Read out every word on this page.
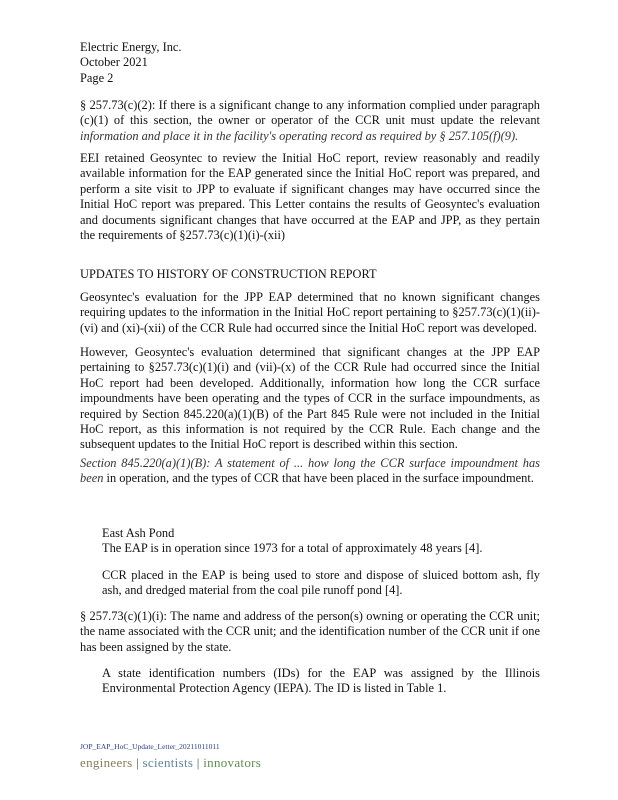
Electric Energy, Inc.
October 2021
Page 2

§ 257.73(c)(2): If there is a significant change to any information complied under paragraph (c)(1) of this section, the owner or operator of the CCR unit must update the relevant information and place it in the facility's operating record as required by § 257.105(f)(9).

EEI retained Geosyntec to review the Initial HoC report, review reasonably and readily available information for the EAP generated since the Initial HoC report was prepared, and perform a site visit to JPP to evaluate if significant changes may have occurred since the Initial HoC report was prepared. This Letter contains the results of Geosyntec's evaluation and documents significant changes that have occurred at the EAP and JPP, as they pertain the requirements of §257.73(c)(1)(i)-(xii)

UPDATES TO HISTORY OF CONSTRUCTION REPORT

Geosyntec's evaluation for the JPP EAP determined that no known significant changes requiring updates to the information in the Initial HoC report pertaining to §257.73(c)(1)(ii)-(vi) and (xi)-(xii) of the CCR Rule had occurred since the Initial HoC report was developed.

However, Geosyntec's evaluation determined that significant changes at the JPP EAP pertaining to §257.73(c)(1)(i) and (vii)-(x) of the CCR Rule had occurred since the Initial HoC report had been developed. Additionally, information how long the CCR surface impoundments have been operating and the types of CCR in the surface impoundments, as required by Section 845.220(a)(1)(B) of the Part 845 Rule were not included in the Initial HoC report, as this information is not required by the CCR Rule. Each change and the subsequent updates to the Initial HoC report is described within this section.

Section 845.220(a)(1)(B): A statement of ... how long the CCR surface impoundment has been in operation, and the types of CCR that have been placed in the surface impoundment.

East Ash Pond
The EAP is in operation since 1973 for a total of approximately 48 years [4].

CCR placed in the EAP is being used to store and dispose of sluiced bottom ash, fly ash, and dredged material from the coal pile runoff pond [4].

§ 257.73(c)(1)(i): The name and address of the person(s) owning or operating the CCR unit; the name associated with the CCR unit; and the identification number of the CCR unit if one has been assigned by the state.

A state identification numbers (IDs) for the EAP was assigned by the Illinois Environmental Protection Agency (IEPA). The ID is listed in Table 1.

JOP_EAP_HoC_Update_Letter_20211011011
engineers | scientists | innovators
